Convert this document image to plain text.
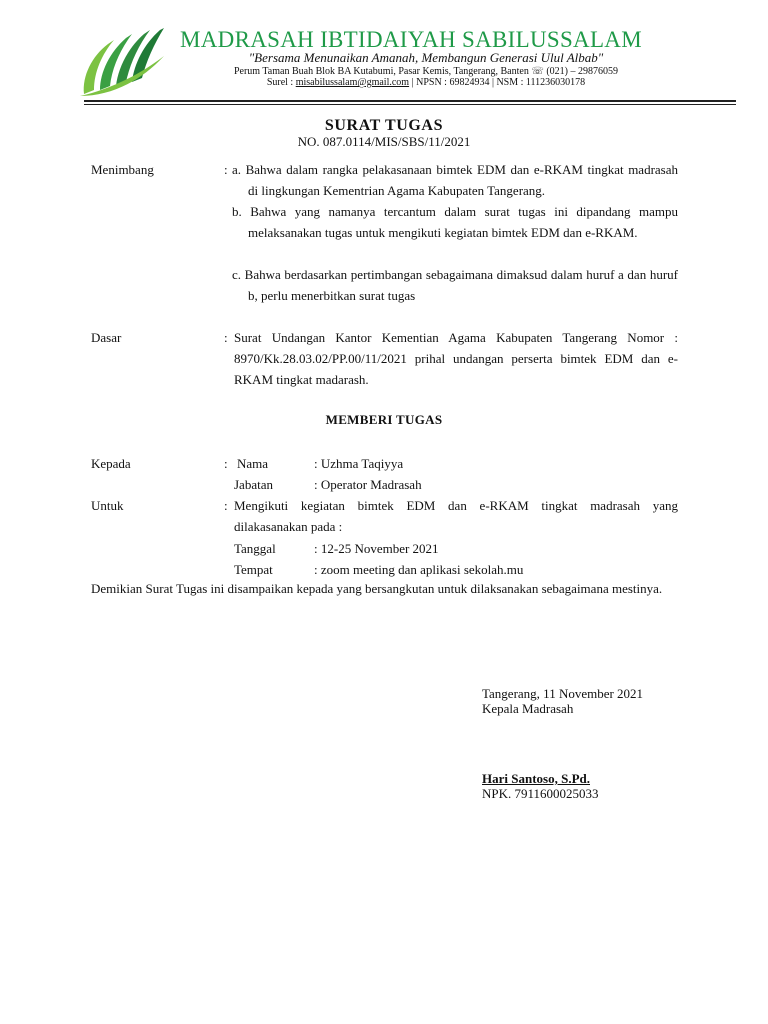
MADRASAH IBTIDAIYAH SABILUSSALAM
"Bersama Menunaikan Amanah, Membangun Generasi Ulul Albab"
Perum Taman Buah Blok BA Kutabumi, Pasar Kemis, Tangerang, Banten ☏ (021) – 29876059
Surel : misabilussalam@gmail.com | NPSN : 69824934 | NSM : 111236030178
SURAT TUGAS
NO. 087.0114/MIS/SBS/11/2021
Menimbang	: a. Bahwa dalam rangka pelakasanaan bimtek EDM dan e-RKAM tingkat madrasah di lingkungan Kementrian Agama Kabupaten Tangerang.
b. Bahwa yang namanya tercantum dalam surat tugas ini dipandang mampu melaksanakan tugas untuk mengikuti kegiatan bimtek EDM dan e-RKAM.
c. Bahwa berdasarkan pertimbangan sebagaimana dimaksud dalam huruf a dan huruf b, perlu menerbitkan surat tugas
Dasar	: Surat Undangan Kantor Kementian Agama Kabupaten Tangerang Nomor : 8970/Kk.28.03.02/PP.00/11/2021 prihal undangan perserta bimtek EDM dan e-RKAM tingkat madarash.
MEMBERI TUGAS
Kepada	: Nama	: Uzhma Taqiyya
Jabatan	: Operator Madrasah
Untuk	: Mengikuti kegiatan bimtek EDM dan e-RKAM tingkat madrasah yang dilakasanakan pada :
Tanggal	: 12-25 November 2021
Tempat	: zoom meeting dan aplikasi sekolah.mu
Demikian Surat Tugas ini disampaikan kepada yang bersangkutan untuk dilaksanakan sebagaimana mestinya.
Tangerang, 11 November 2021
Kepala Madrasah
Hari Santoso, S.Pd.
NPK. 7911600025033
